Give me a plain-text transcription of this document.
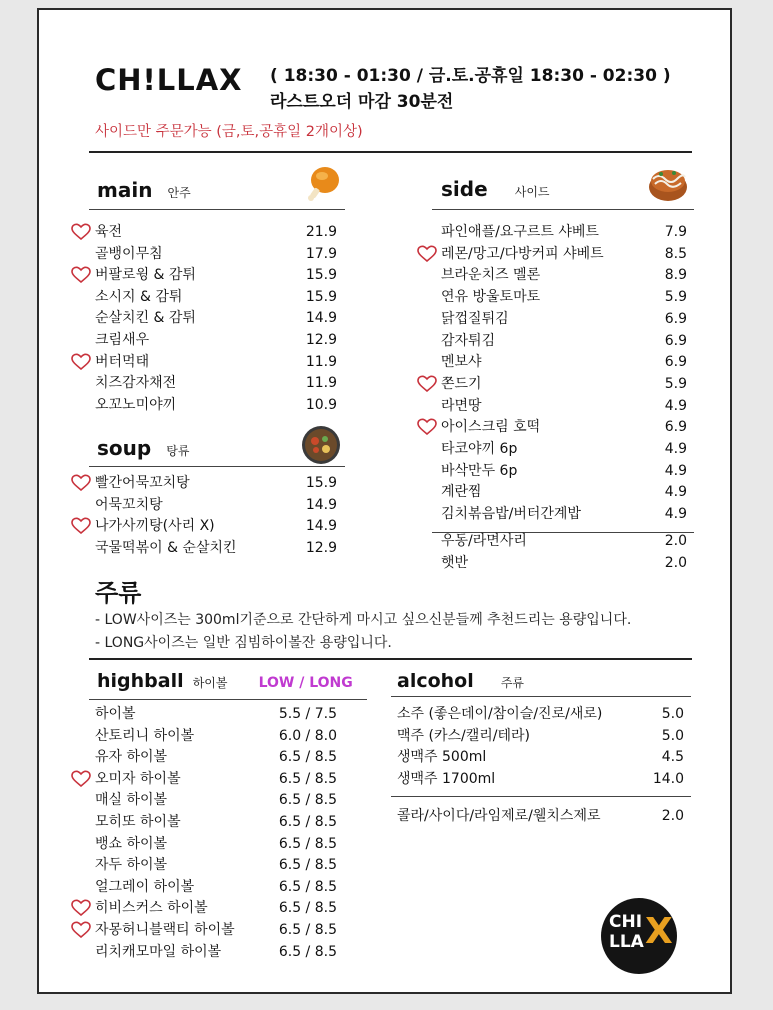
CH!LLAX ( 18:30 - 01:30 / 금.토.공휴일 18:30 - 02:30 )
라스트오더 마감 30분전
사이드만 주문가능 (금,토,공휴일 2개이상)
main 안주
육전	21.9
골뱅이무침	17.9
버팔로윙 & 감튀	15.9
소시지 & 감튀	15.9
순살치킨 & 감튀	14.9
크림새우	12.9
버터먹태	11.9
치즈감자채전	11.9
오꼬노미야끼	10.9
soup 탕류
빨간어묵꼬치탕	15.9
어묵꼬치탕	14.9
나가사끼탕(사리 X)	14.9
국물떡볶이 & 순살치킨	12.9
side 사이드
파인애플/요구르트 샤베트	7.9
레몬/망고/다방커피 샤베트	8.5
브라운치즈 멜론	8.9
연유 방울토마토	5.9
닭껍질튀김	6.9
감자튀김	6.9
멘보샤	6.9
쫀드기	5.9
라면땅	4.9
아이스크림 호떡	6.9
타코야끼 6p	4.9
바삭만두 6p	4.9
계란찜	4.9
김치볶음밥/버터간계밥	4.9
우동/라면사리	2.0
햇반	2.0
주류
- LOW사이즈는 300ml기준으로 간단하게 마시고 싶으신분들께 추천드리는 용량입니다.
- LONG사이즈는 일반 짐빔하이볼잔 용량입니다.
highball 하이볼 LOW / LONG
하이볼	5.5 / 7.5
산토리니 하이볼	6.0 / 8.0
유자 하이볼	6.5 / 8.5
오미자 하이볼	6.5 / 8.5
매실 하이볼	6.5 / 8.5
모히또 하이볼	6.5 / 8.5
뱅쇼 하이볼	6.5 / 8.5
자두 하이볼	6.5 / 8.5
얼그레이 하이볼	6.5 / 8.5
히비스커스 하이볼	6.5 / 8.5
자몽허니블랙티 하이볼	6.5 / 8.5
리치캐모마일 하이볼	6.5 / 8.5
alcohol 주류
소주 (좋은데이/참이슬/진로/새로)	5.0
맥주 (카스/캘리/테라)	5.0
생맥주 500ml	4.5
생맥주 1700ml	14.0
콜라/사이다/라임제로/웰치스제로	2.0
CHI
LLA X
